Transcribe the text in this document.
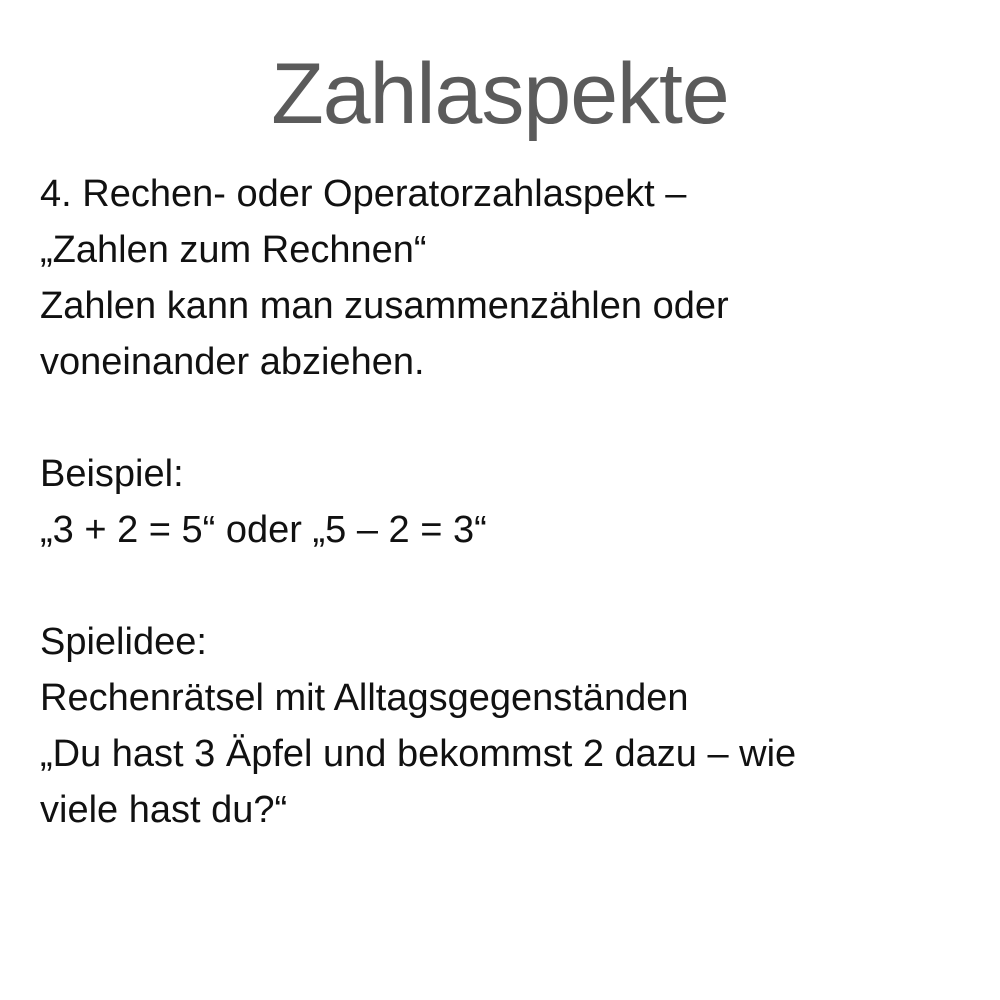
Zahlaspekte

4. Rechen- oder Operatorzahlaspekt –

„Zahlen zum Rechnen“

Zahlen kann man zusammenzählen oder

voneinander abziehen.

Beispiel:

„3 + 2 = 5“ oder „5 – 2 = 3“

Spielidee:

Rechenrätsel mit Alltagsgegenständen

„Du hast 3 Äpfel und bekommst 2 dazu – wie

viele hast du?“
